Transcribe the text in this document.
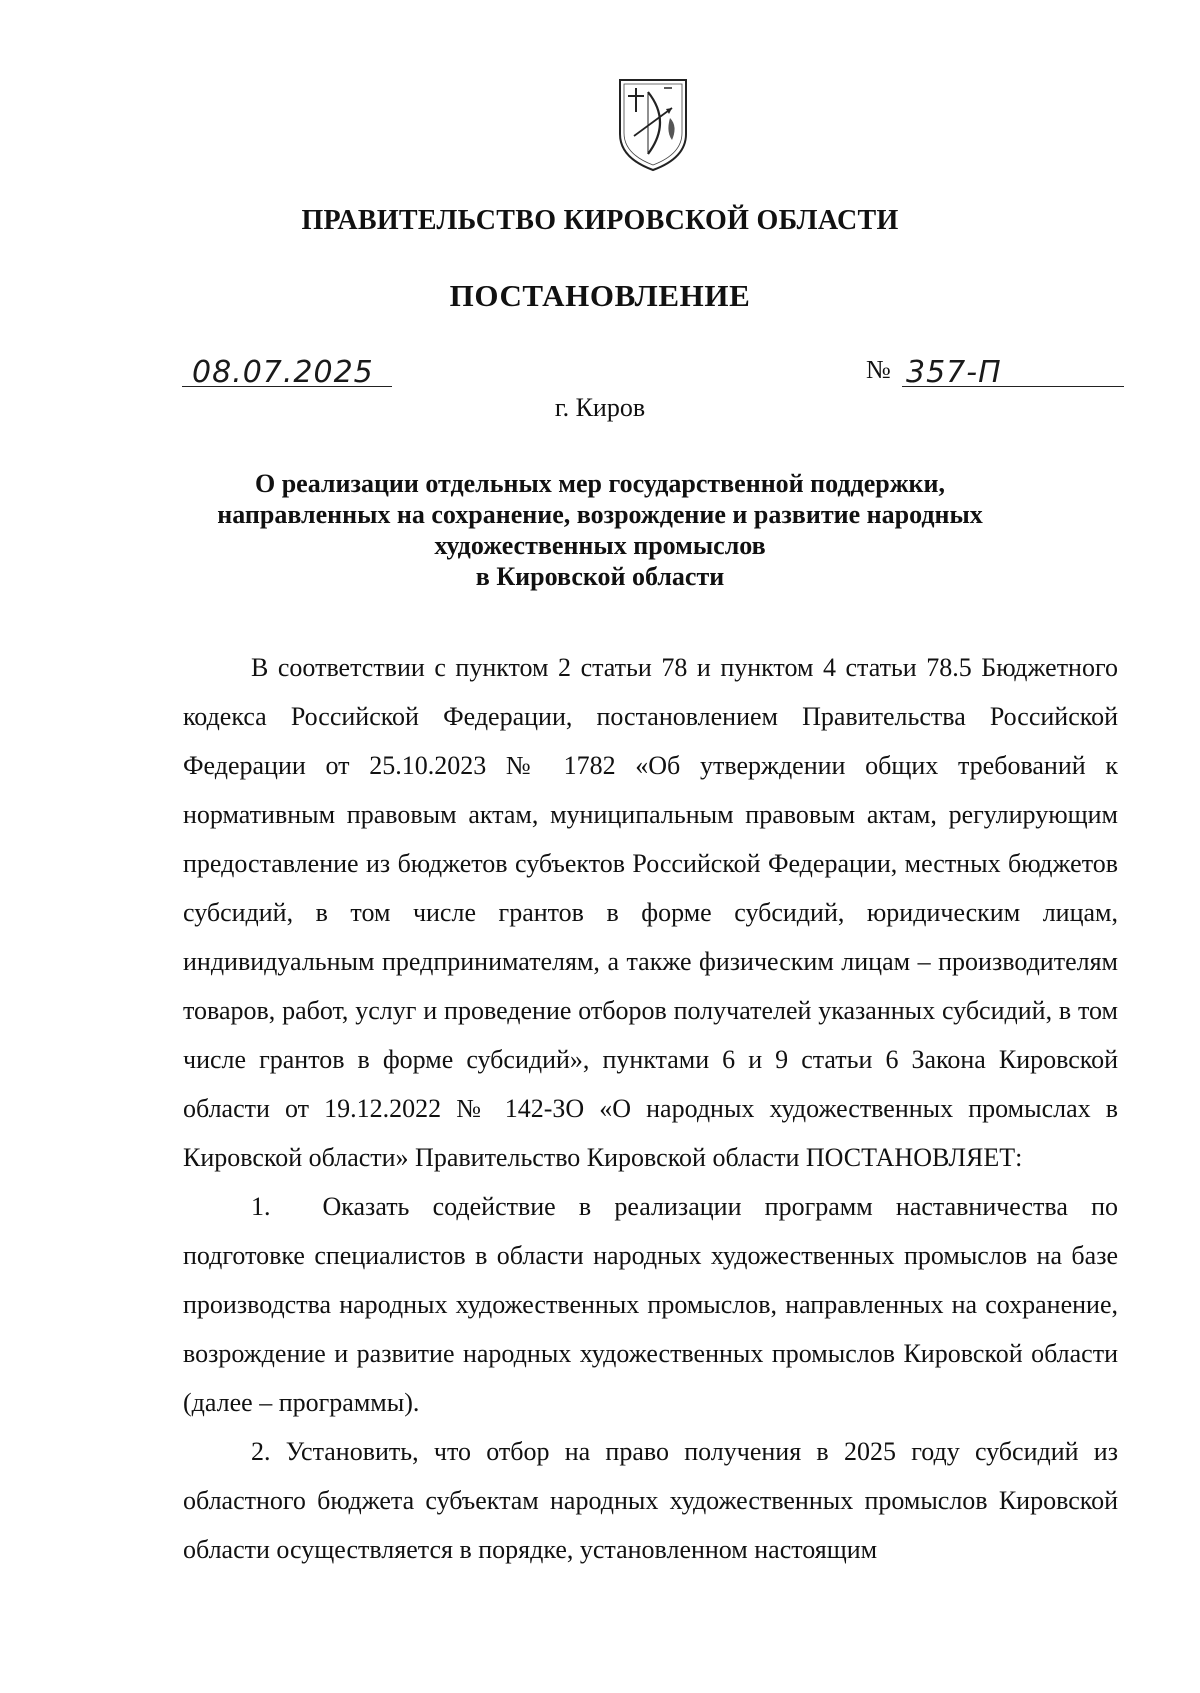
ПРАВИТЕЛЬСТВО КИРОВСКОЙ ОБЛАСТИ
ПОСТАНОВЛЕНИЕ
08.07.2025	№ 357-П
г. Киров
О реализации отдельных мер государственной поддержки,
направленных на сохранение, возрождение и развитие народных
художественных промыслов
в Кировской области

В соответствии с пунктом 2 статьи 78 и пунктом 4 статьи 78.5 Бюджетного кодекса Российской Федерации, постановлением Правительства Российской Федерации от 25.10.2023 № 1782 «Об утверждении общих требований к нормативным правовым актам, муниципальным правовым актам, регулирующим предоставление из бюджетов субъектов Российской Федерации, местных бюджетов субсидий, в том числе грантов в форме субсидий, юридическим лицам, индивидуальным предпринимателям, а также физическим лицам – производителям товаров, работ, услуг и проведение отборов получателей указанных субсидий, в том числе грантов в форме субсидий», пунктами 6 и 9 статьи 6 Закона Кировской области от 19.12.2022 № 142-ЗО «О народных художественных промыслах в Кировской области» Правительство Кировской области ПОСТАНОВЛЯЕТ:

1.  Оказать содействие в реализации программ наставничества по подготовке специалистов в области народных художественных промыслов на базе производства народных художественных промыслов, направленных на сохранение, возрождение и развитие народных художественных промыслов Кировской области (далее – программы).

2. Установить, что отбор на право получения в 2025 году субсидий из областного бюджета субъектам народных художественных промыслов Кировской области осуществляется в порядке, установленном настоящим
